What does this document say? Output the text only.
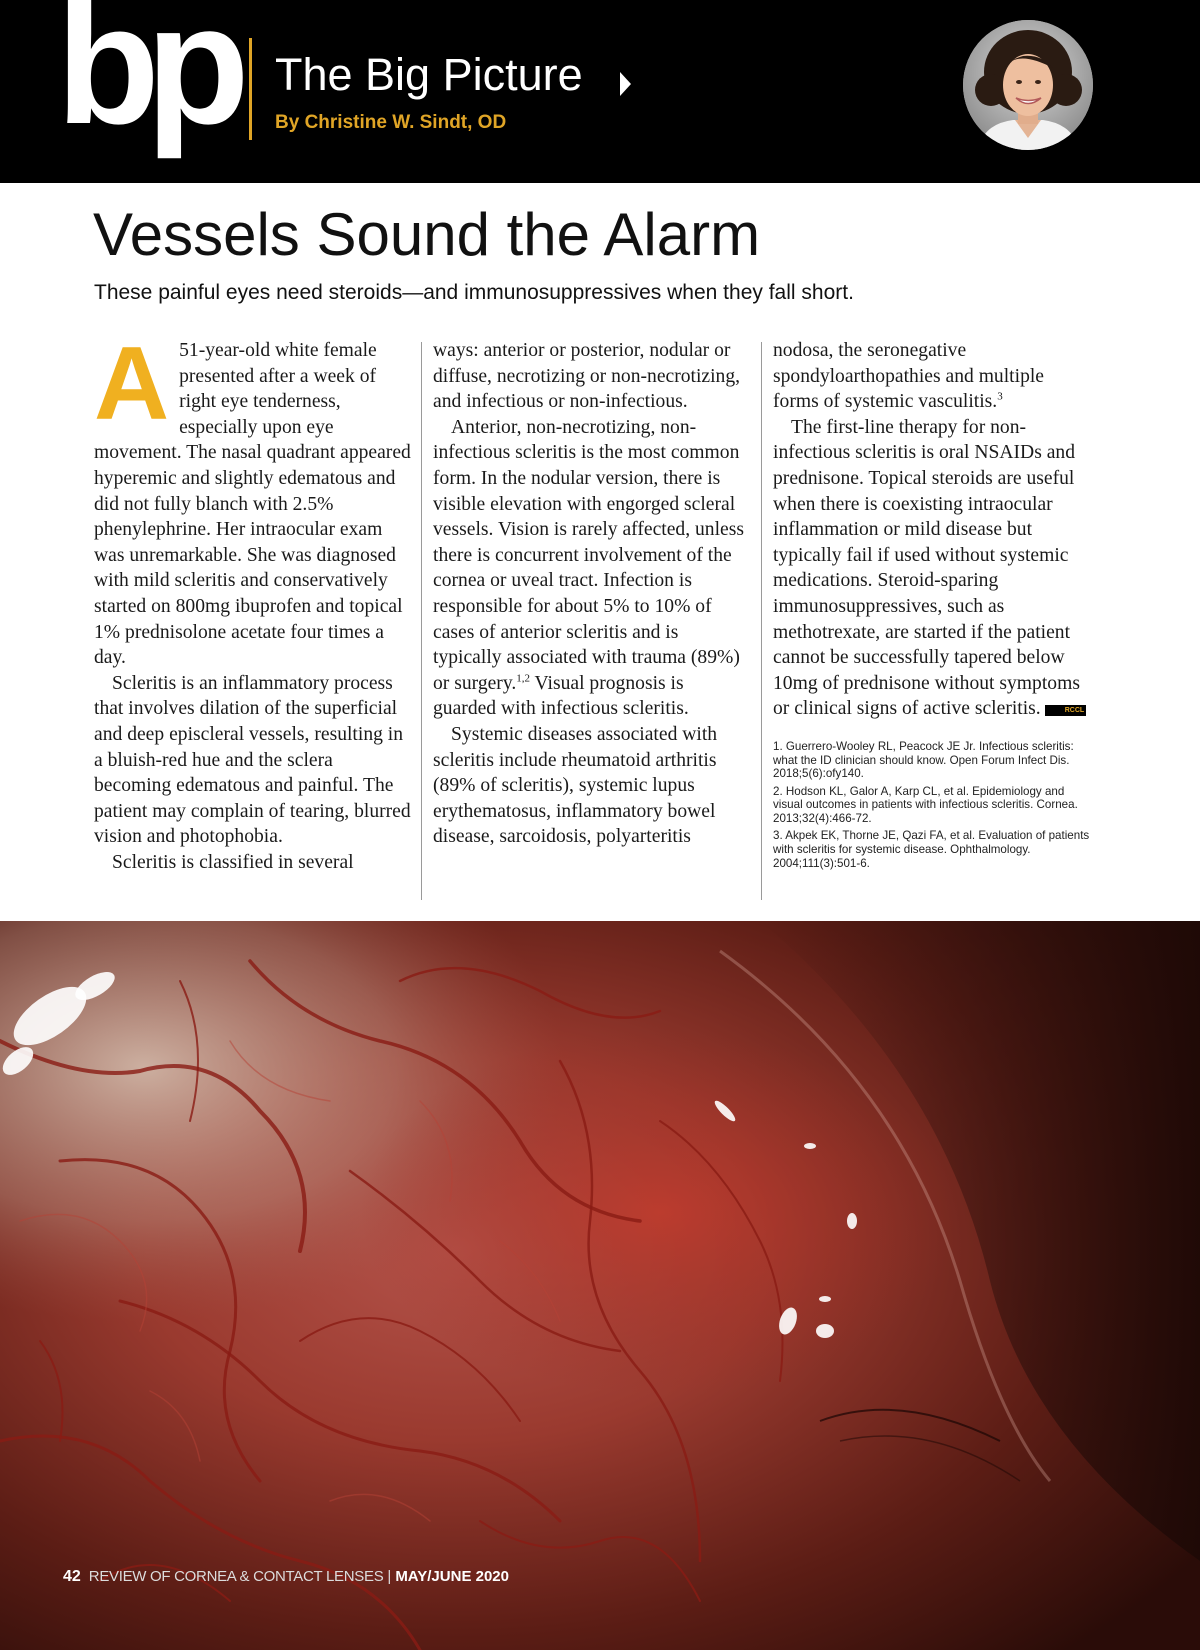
bp The Big Picture
By Christine W. Sindt, OD
Vessels Sound the Alarm

These painful eyes need steroids—and immunosuppressives when they fall short.

A 51-year-old white female presented after a week of right eye tenderness, especially upon eye movement. The nasal quadrant appeared hyperemic and slightly edematous and did not fully blanch with 2.5% phenylephrine. Her intraocular exam was unremarkable. She was diagnosed with mild scleritis and conservatively started on 800mg ibuprofen and topical 1% prednisolone acetate four times a day.

Scleritis is an inflammatory process that involves dilation of the superficial and deep episcleral vessels, resulting in a bluish-red hue and the sclera becoming edematous and painful. The patient may complain of tearing, blurred vision and photophobia.

Scleritis is classified in several

ways: anterior or posterior, nodular or diffuse, necrotizing or non-necrotizing, and infectious or non-infectious.

Anterior, non-necrotizing, non-infectious scleritis is the most common form. In the nodular version, there is visible elevation with engorged scleral vessels. Vision is rarely affected, unless there is concurrent involvement of the cornea or uveal tract. Infection is responsible for about 5% to 10% of cases of anterior scleritis and is typically associated with trauma (89%) or surgery.$^{1,2}$ Visual prognosis is guarded with infectious scleritis.

Systemic diseases associated with scleritis include rheumatoid arthritis (89% of scleritis), systemic lupus erythematosus, inflammatory bowel disease, sarcoidosis, polyarteritis

nodosa, the seronegative spondyloarthopathies and multiple forms of systemic vasculitis.$^3$

The first-line therapy for non-infectious scleritis is oral NSAIDs and prednisone. Topical steroids are useful when there is coexisting intraocular inflammation or mild disease but typically fail if used without systemic medications. Steroid-sparing immunosuppressives, such as methotrexate, are started if the patient cannot be successfully tapered below 10mg of prednisone without symptoms or clinical signs of active scleritis.	RCCL

1. Guerrero-Wooley RL, Peacock JE Jr. Infectious scleritis: what the ID clinician should know. Open Forum Infect Dis. 2018;5(6):ofy140.
2. Hodson KL, Galor A, Karp CL, et al. Epidemiology and visual outcomes in patients with infectious scleritis. Cornea. 2013;32(4):466-72.
3. Akpek EK, Thorne JE, Qazi FA, et al. Evaluation of patients with scleritis for systemic disease. Ophthalmology. 2004;111(3):501-6.
42 REVIEW OF CORNEA & CONTACT LENSES | MAY/JUNE 2020
